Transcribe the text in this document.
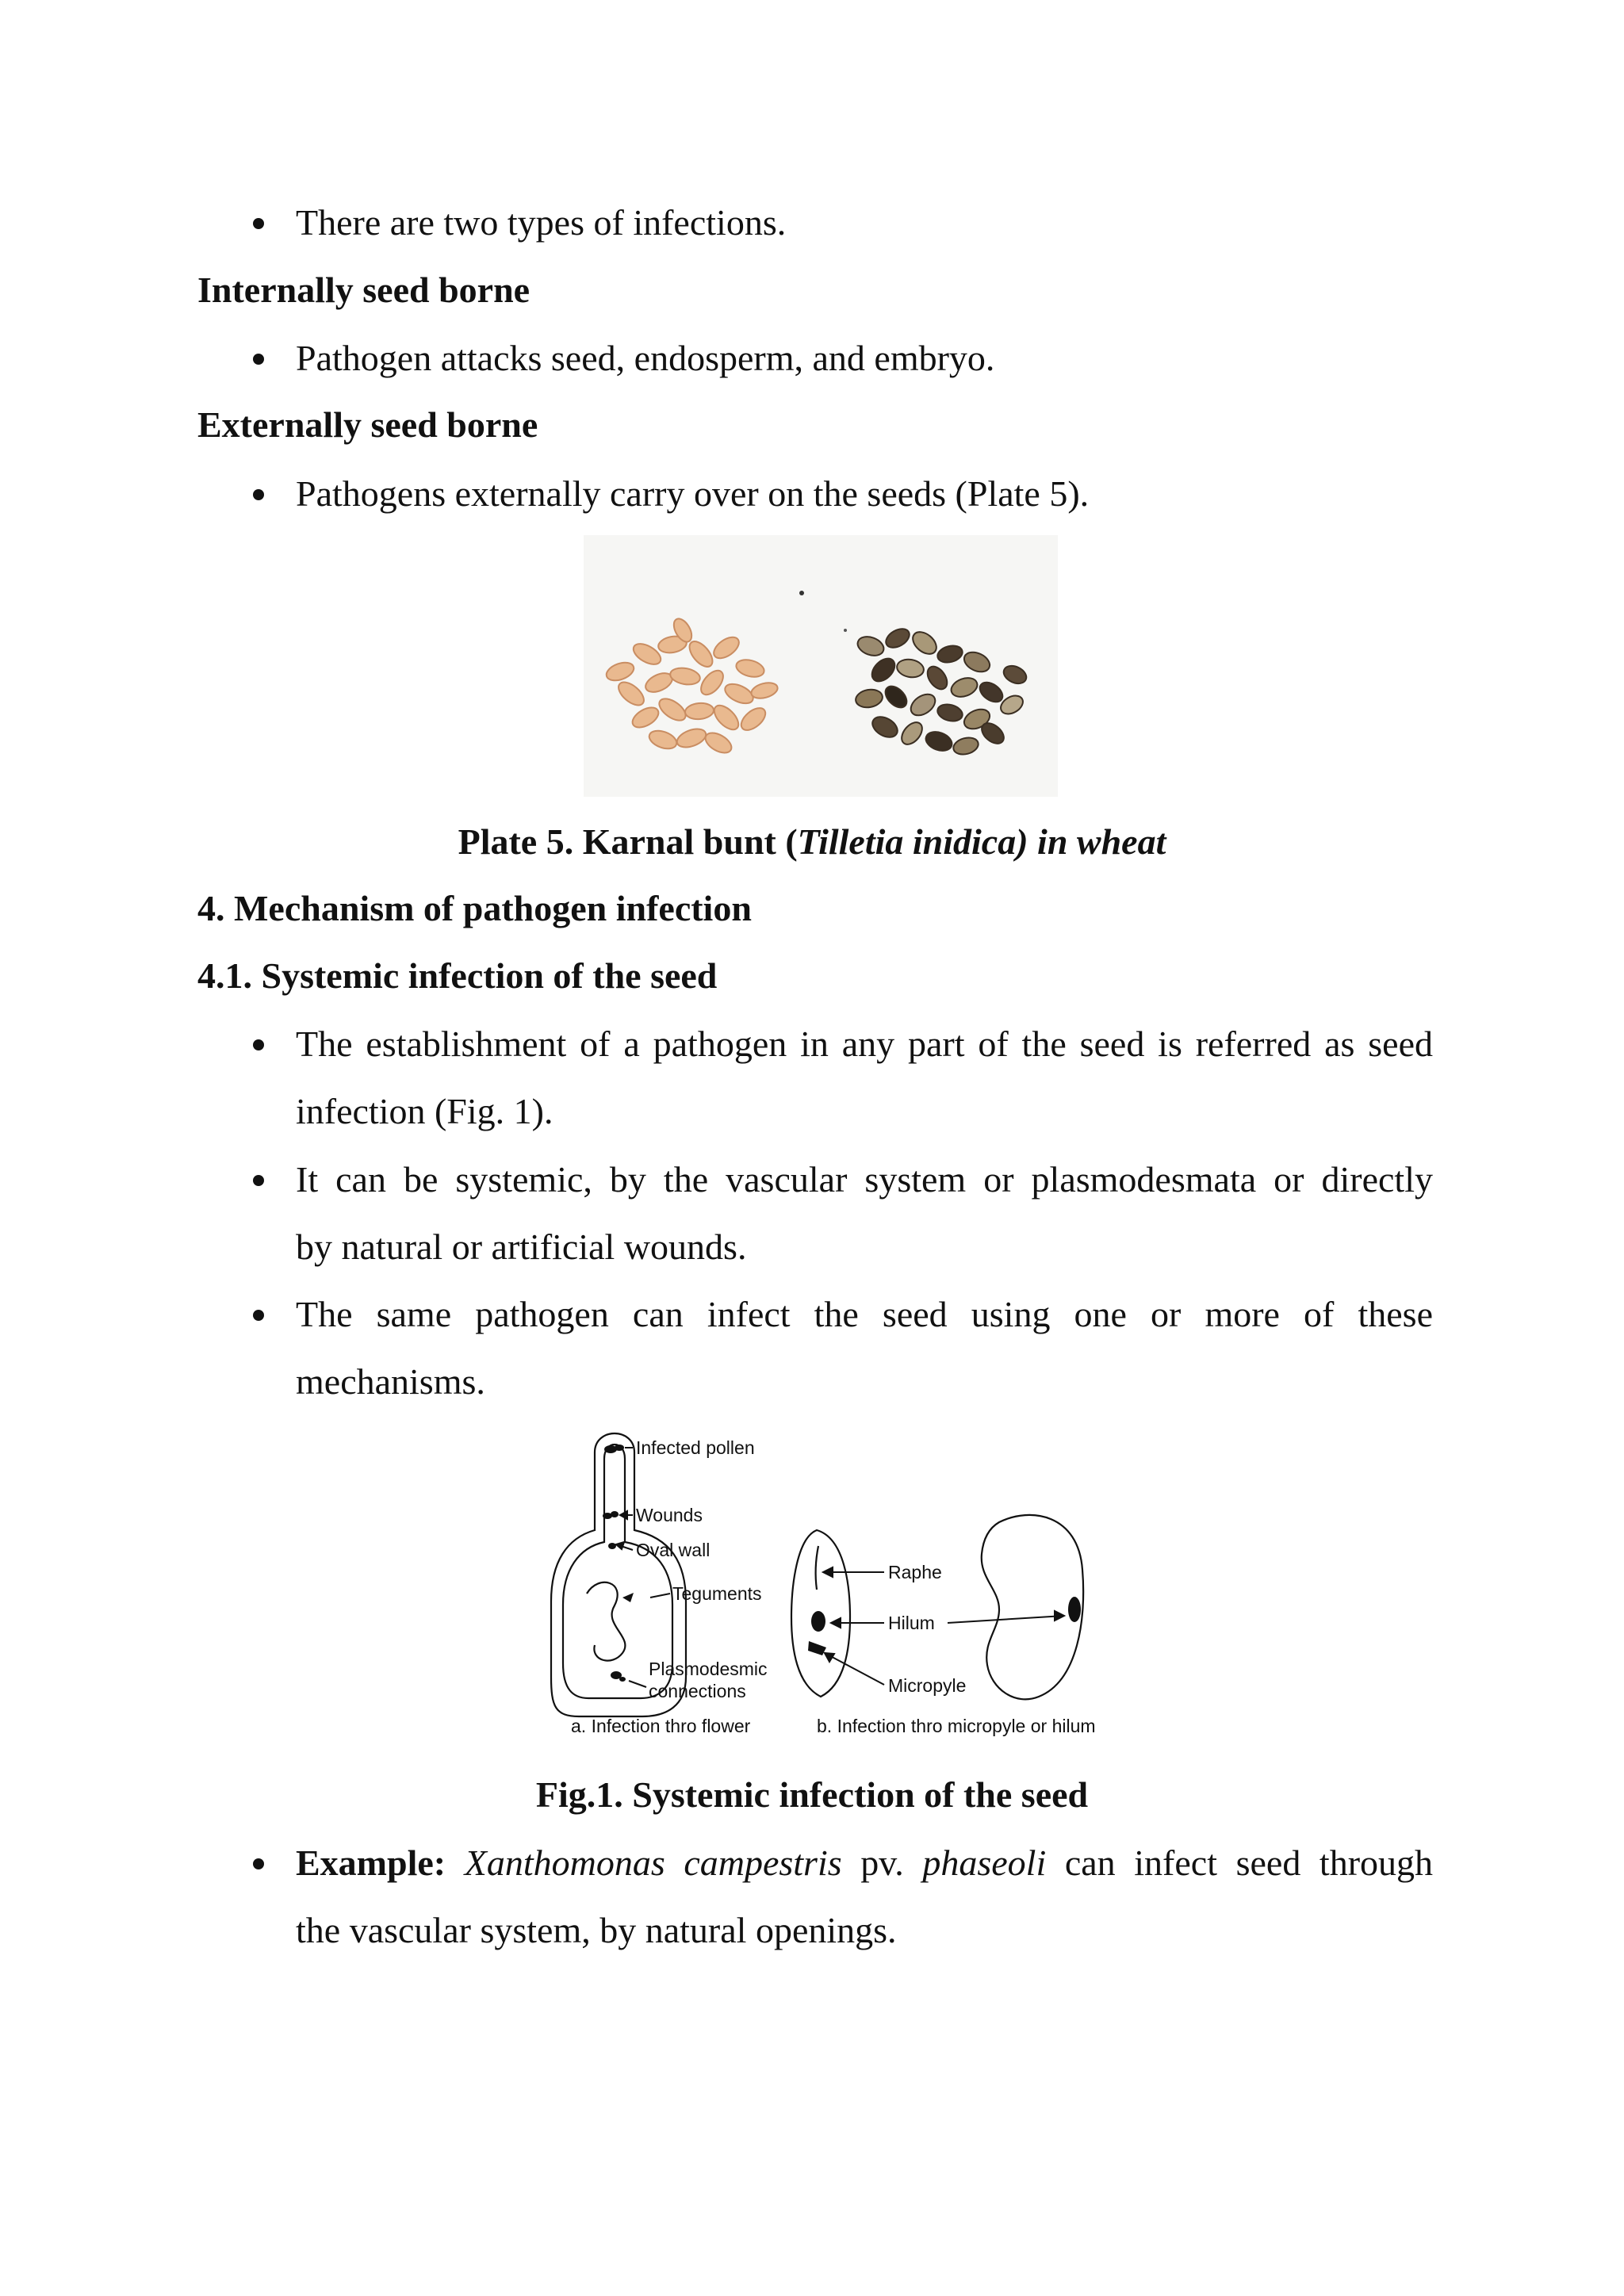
There are two types of infections.
Internally seed borne
Pathogen attacks seed, endosperm, and embryo.
Externally seed borne
Pathogens externally carry over on the seeds (Plate 5).
Plate 5. Karnal bunt (Tilletia inidica) in wheat
4. Mechanism of pathogen infection
4.1. Systemic infection of the seed
The establishment of a pathogen in any part of the seed is referred as seed
infection (Fig. 1).
It can be systemic, by the vascular system or plasmodesmata or directly
by natural or artificial wounds.
The same pathogen can infect the seed using one or more of these
mechanisms.
Infected pollen
Wounds
Oval wall
Teguments
Plasmodesmic
connections
Raphe
Hilum
Micropyle
a. Infection thro flower	b. Infection thro micropyle or hilum
Fig.1. Systemic infection of the seed
Example: Xanthomonas campestris pv. phaseoli can infect seed through
the vascular system, by natural openings.
